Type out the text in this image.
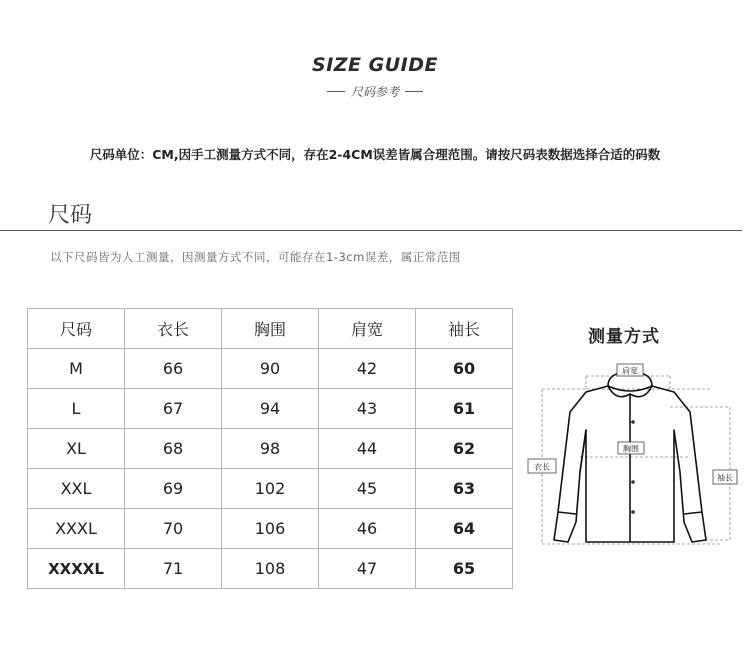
SIZE GUIDE
尺码参考
尺码单位：CM,因手工测量方式不同，存在2-4CM误差皆属合理范围。请按尺码表数据选择合适的码数
尺码
以下尺码皆为人工测量，因测量方式不同，可能存在1-3cm误差，属正常范围
尺码	衣长	胸围	肩宽	袖长
M	66	90	42	60
L	67	94	43	61
XL	68	98	44	62
XXL	69	102	45	63
XXXL	70	106	46	64
XXXXL	71	108	47	65
测量方式
肩宽
胸围
衣长
袖长
